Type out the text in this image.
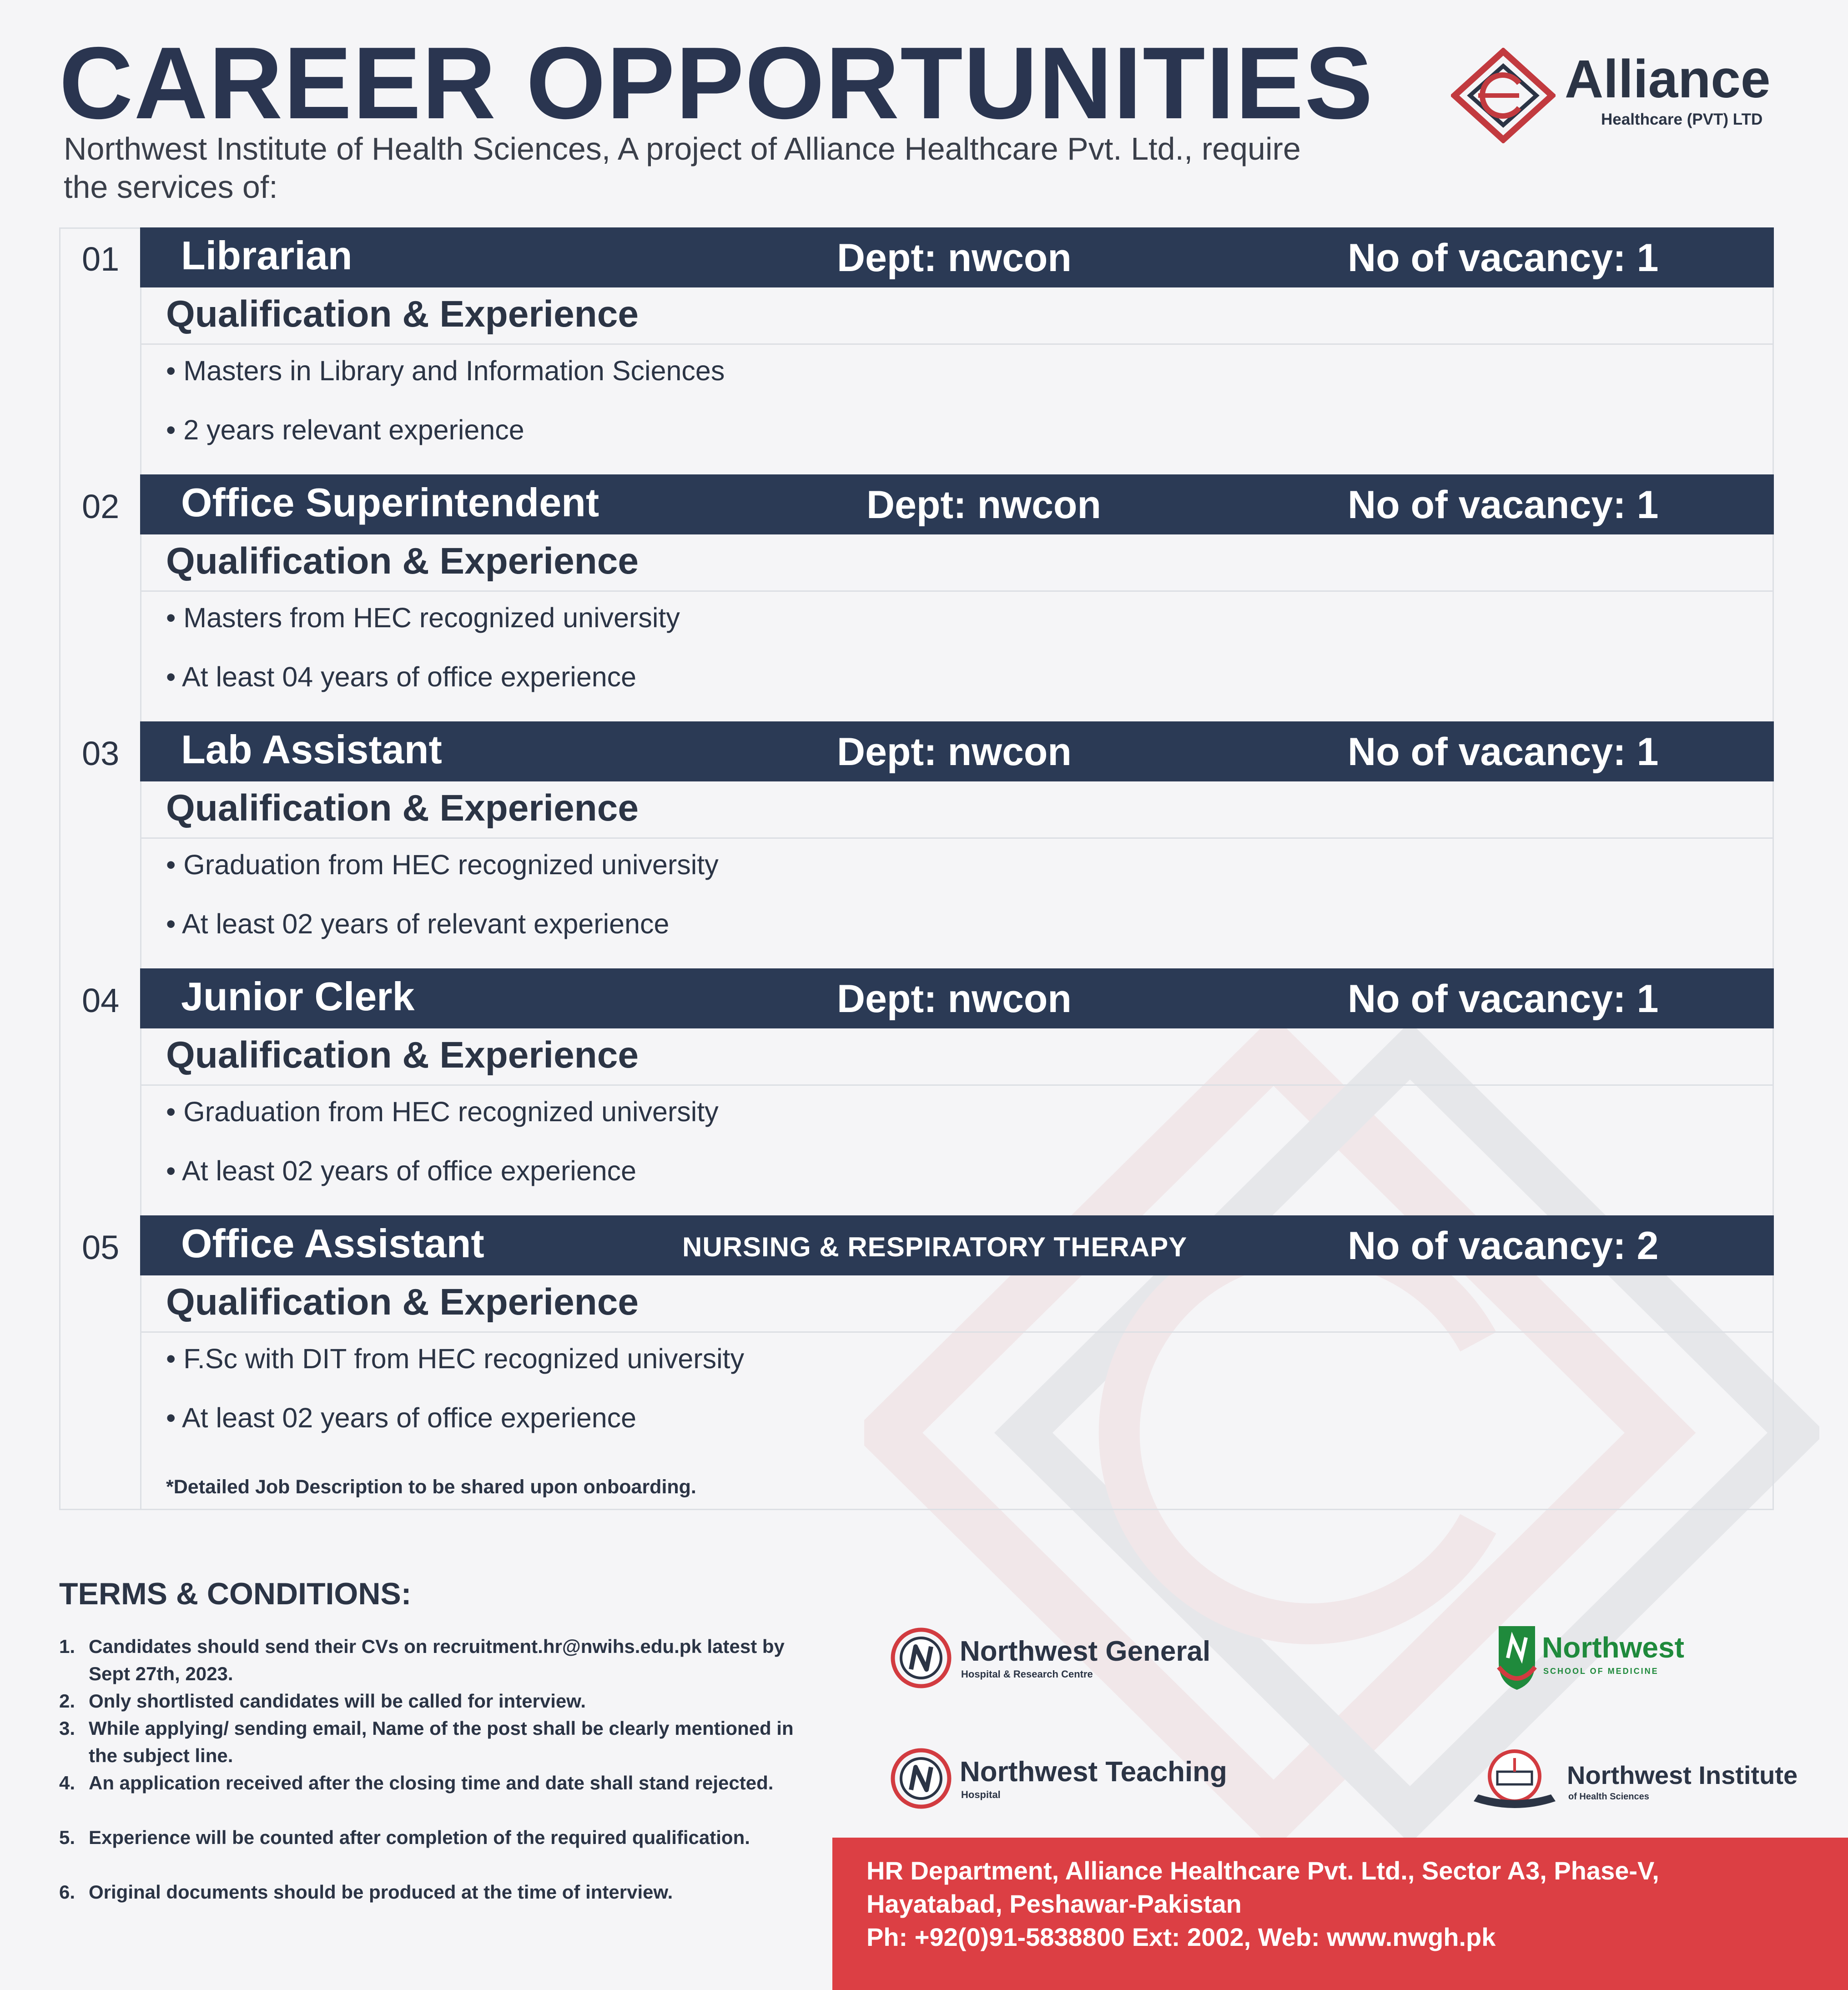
CAREER OPPORTUNITIES
Northwest Institute of Health Sciences, A project of Alliance Healthcare Pvt. Ltd., require the services of:
Alliance
Healthcare (PVT) LTD
01 Librarian	Dept: nwcon	No of vacancy: 1
Qualification & Experience
• Masters in Library and Information Sciences
• 2 years relevant experience
02 Office Superintendent	Dept: nwcon	No of vacancy: 1
Qualification & Experience
• Masters from HEC recognized university
• At least 04 years of office experience
03 Lab Assistant	Dept: nwcon	No of vacancy: 1
Qualification & Experience
• Graduation from HEC recognized university
• At least 02 years of relevant experience
04 Junior Clerk	Dept: nwcon	No of vacancy: 1
Qualification & Experience
• Graduation from HEC recognized university
• At least 02 years of office experience
05 Office Assistant	NURSING & RESPIRATORY THERAPY	No of vacancy: 2
Qualification & Experience
• F.Sc with DIT from HEC recognized university
• At least 02 years of office experience
*Detailed Job Description to be shared upon onboarding.
TERMS & CONDITIONS:
1. Candidates should send their CVs on recruitment.hr@nwihs.edu.pk latest by Sept 27th, 2023.
2. Only shortlisted candidates will be called for interview.
3. While applying/ sending email, Name of the post shall be clearly mentioned in the subject line.
4. An application received after the closing time and date shall stand rejected.
5. Experience will be counted after completion of the required qualification.
6. Original documents should be produced at the time of interview.
Northwest General
Hospital & Research Centre
Northwest
SCHOOL OF MEDICINE
Northwest Teaching
Hospital
Northwest Institute
of Health Sciences
HR Department, Alliance Healthcare Pvt. Ltd., Sector A3, Phase-V,
Hayatabad, Peshawar-Pakistan
Ph: +92(0)91-5838800 Ext: 2002, Web: www.nwgh.pk
